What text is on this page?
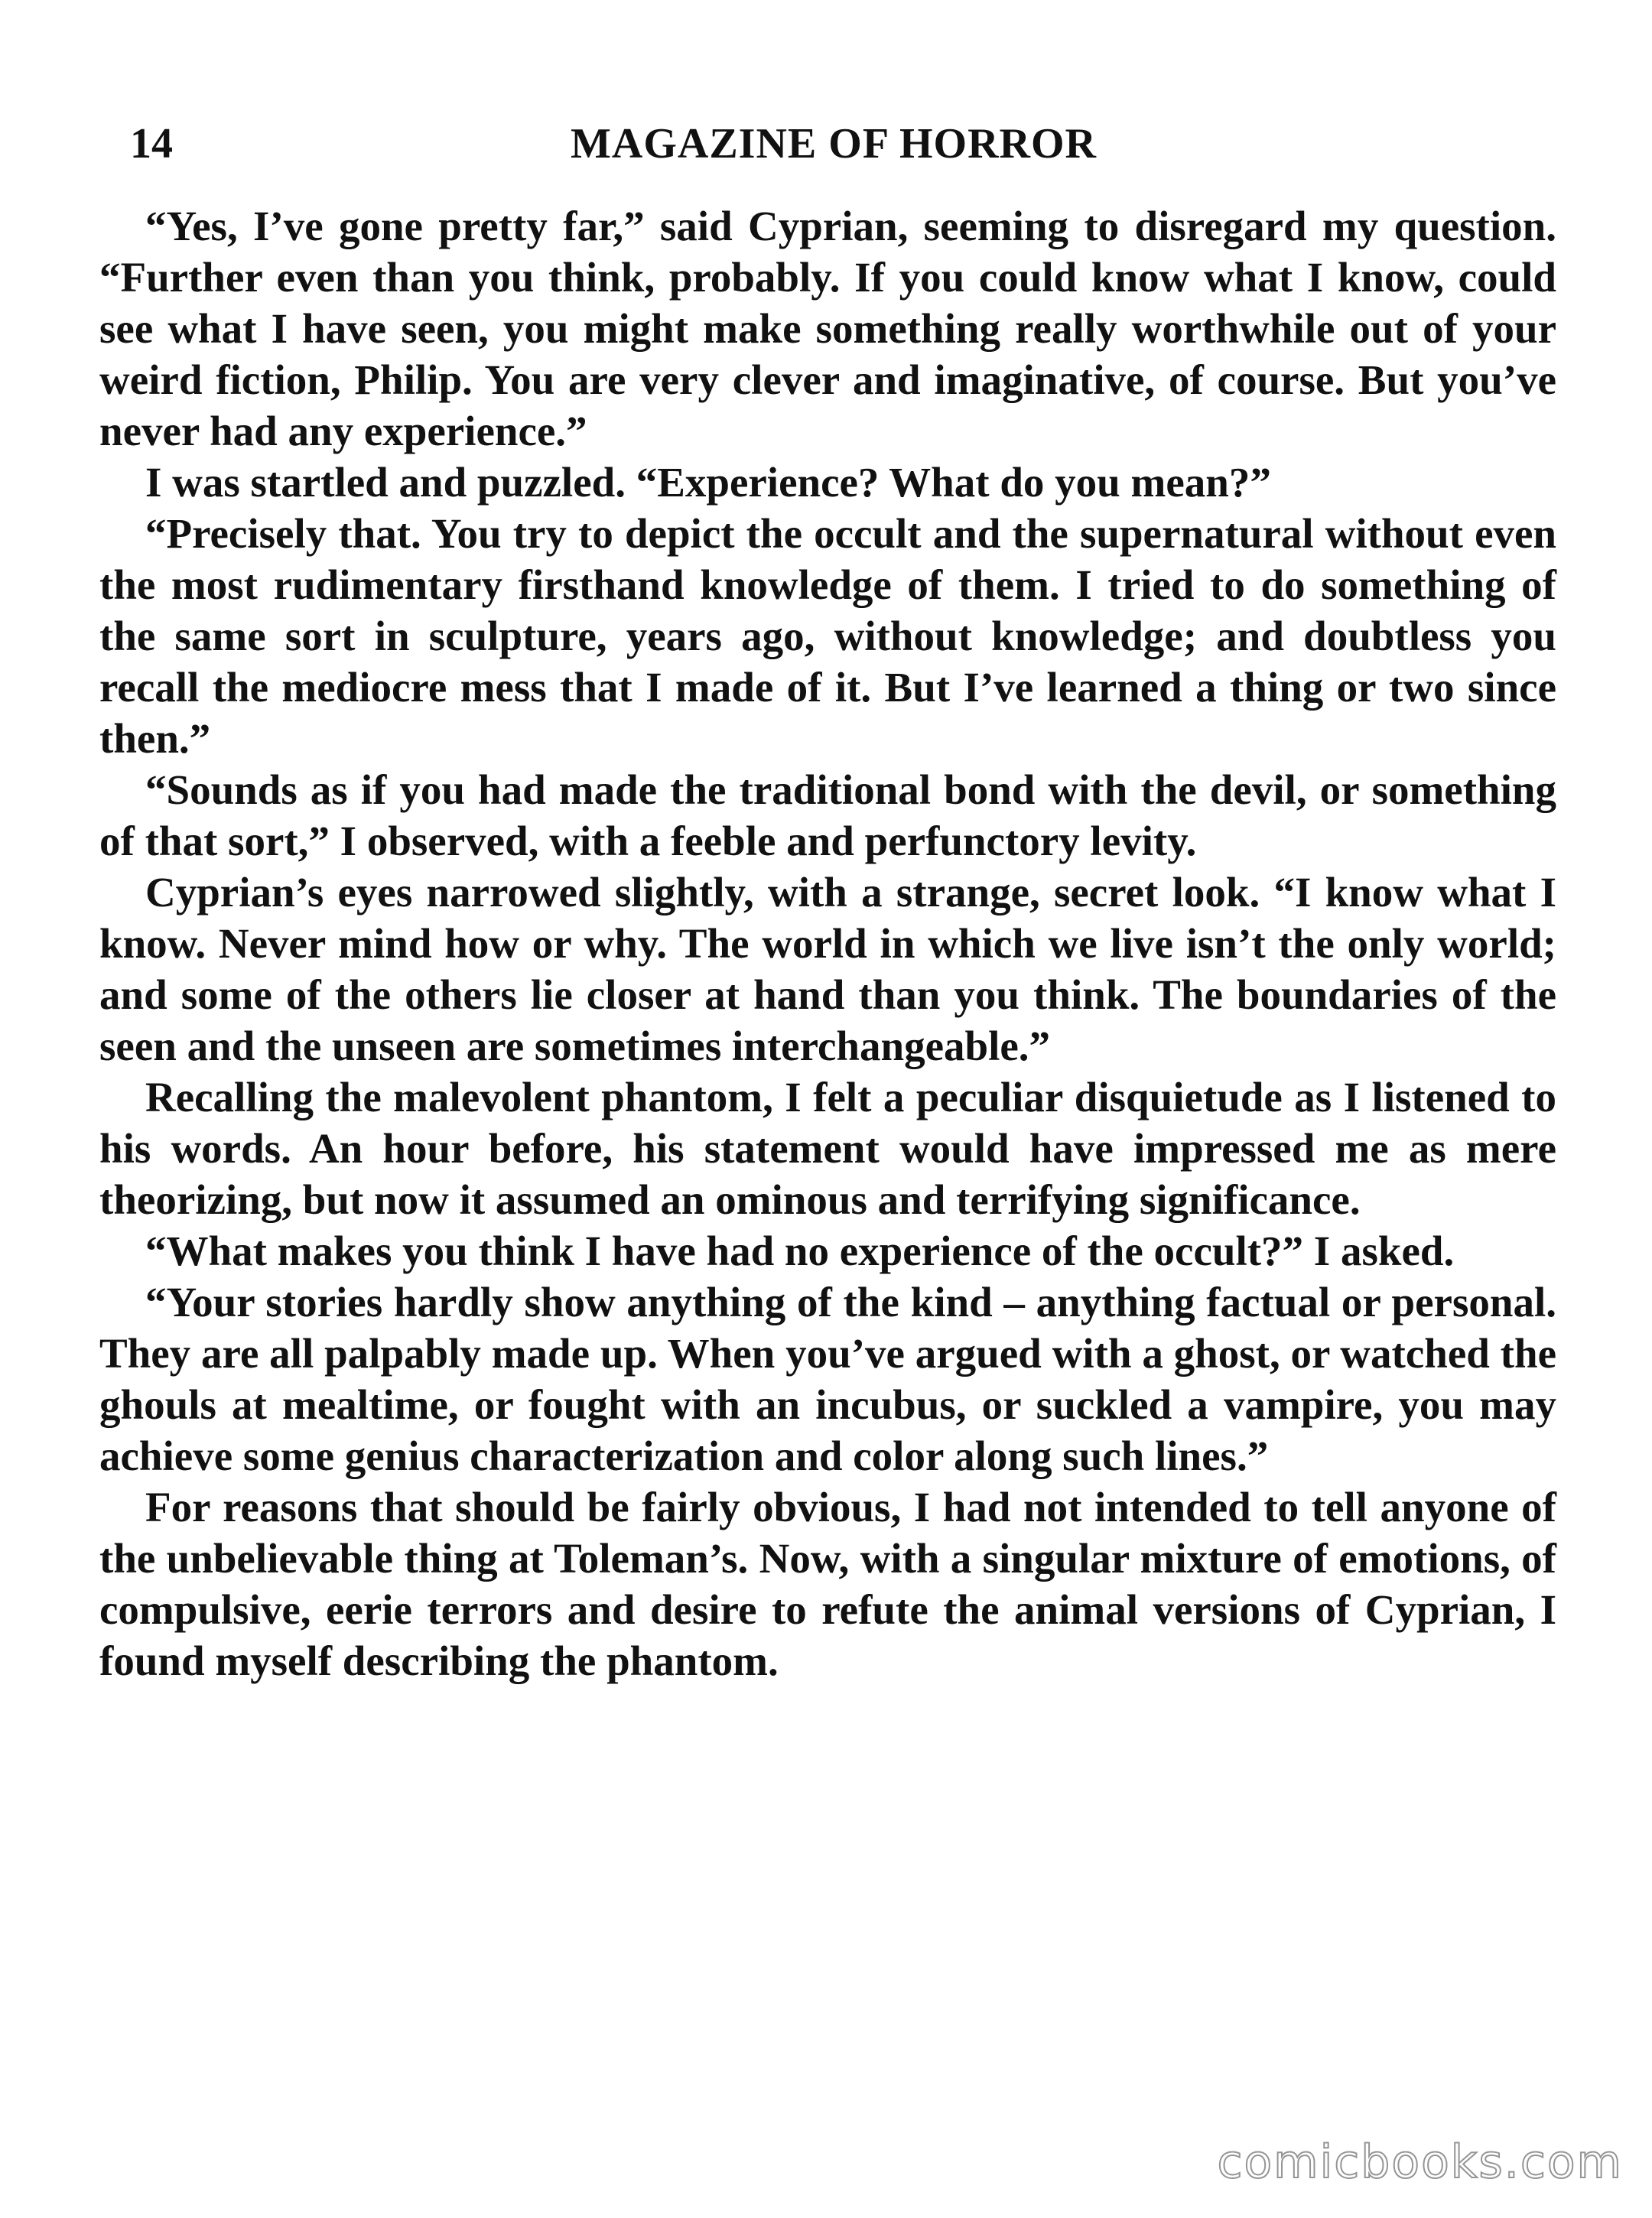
14	MAGAZINE OF HORROR

“Yes, I’ve gone pretty far,” said Cyprian, seeming to disregard my question. “Further even than you think, probably. If you could know what I know, could see what I have seen, you might make something really worthwhile out of your weird fiction, Philip. You are very clever and imaginative, of course. But you’ve never had any experience.”

I was startled and puzzled. “Experience? What do you mean?”

“Precisely that. You try to depict the occult and the supernatural without even the most rudimentary firsthand knowledge of them. I tried to do something of the same sort in sculpture, years ago, without knowledge; and doubtless you recall the mediocre mess that I made of it. But I’ve learned a thing or two since then.”

“Sounds as if you had made the traditional bond with the devil, or something of that sort,” I observed, with a feeble and perfunctory levity.

Cyprian’s eyes narrowed slightly, with a strange, secret look. “I know what I know. Never mind how or why. The world in which we live isn’t the only world; and some of the others lie closer at hand than you think. The boundaries of the seen and the unseen are sometimes interchangeable.”

Recalling the malevolent phantom, I felt a peculiar disquietude as I listened to his words. An hour before, his statement would have impressed me as mere theorizing, but now it assumed an ominous and terrifying significance.

“What makes you think I have had no experience of the occult?” I asked.

“Your stories hardly show anything of the kind – anything factual or personal. They are all palpably made up. When you’ve argued with a ghost, or watched the ghouls at mealtime, or fought with an incubus, or suckled a vampire, you may achieve some genius characterization and color along such lines.”

For reasons that should be fairly obvious, I had not intended to tell anyone of the unbelievable thing at Toleman’s. Now, with a singular mixture of emotions, of compulsive, eerie terrors and desire to refute the animal versions of Cyprian, I found myself describing the phantom.

comicbooks.com
